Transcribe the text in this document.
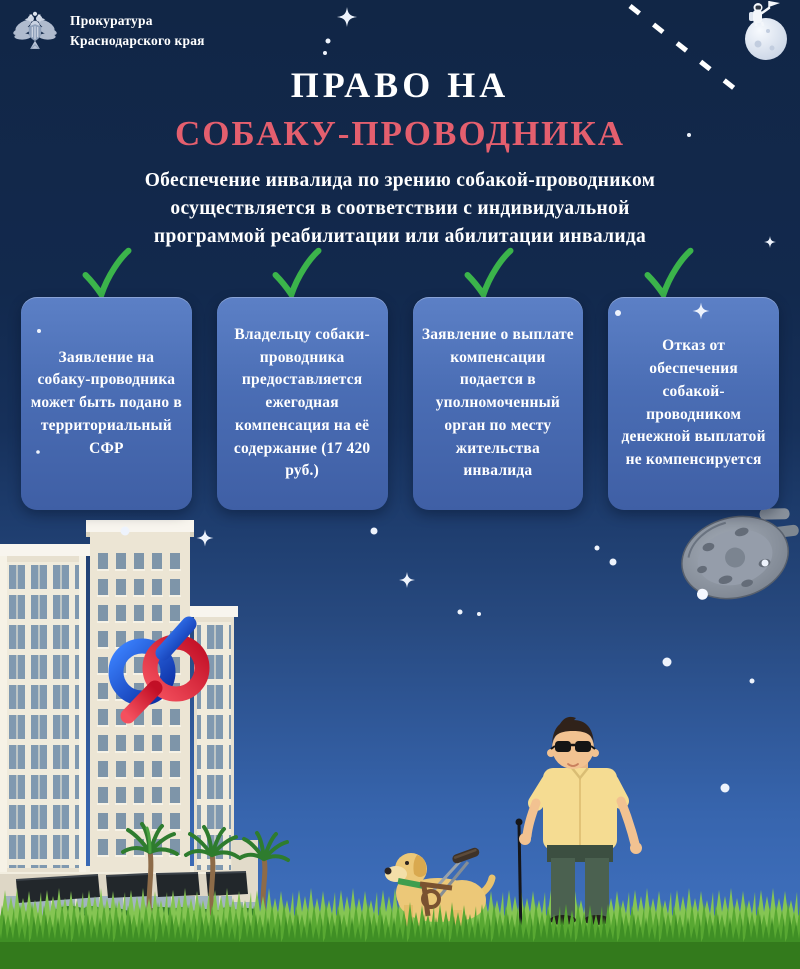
Прокуратура
Краснодарского края
ПРАВО НА
СОБАКУ-ПРОВОДНИКА
Обеспечение инвалида по зрению собакой-проводником
осуществляется в соответствии с индивидуальной
программой реабилитации или абилитации инвалида
Заявление на собаку-проводника может быть подано в территориальный СФР
Владельцу собаки-проводника предоставляется ежегодная компенсация на её содержание (17 420 руб.)
Заявление о выплате компенсации подается в уполномоченный орган по месту жительства инвалида
Отказ от обеспечения собакой-проводником денежной выплатой не компенсируется
